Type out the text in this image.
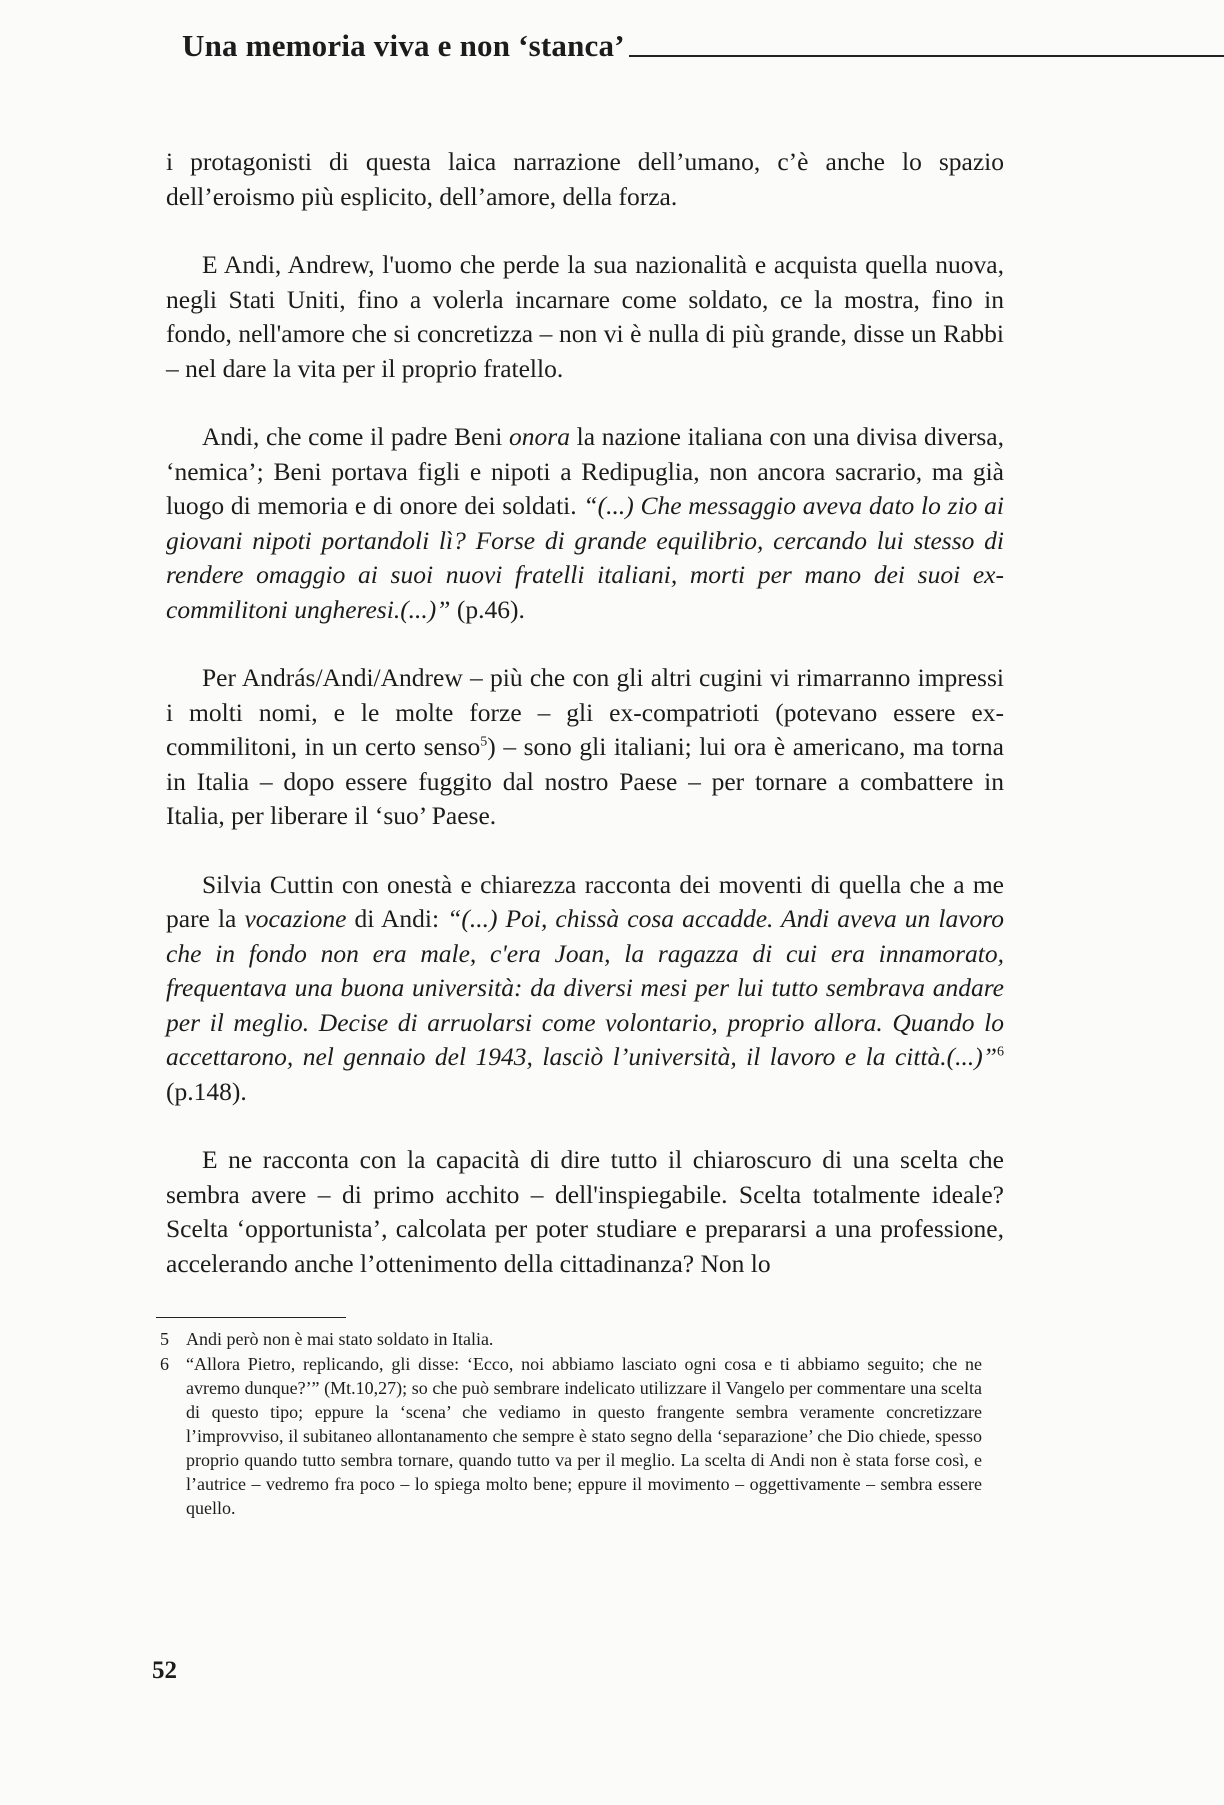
Una memoria viva e non ‘stanca’

i protagonisti di questa laica narrazione dell’umano, c’è anche lo spazio dell’eroismo più esplicito, dell’amore, della forza.

E Andi, Andrew, l'uomo che perde la sua nazionalità e acquista quella nuova, negli Stati Uniti, fino a volerla incarnare come soldato, ce la mostra, fino in fondo, nell'amore che si concretizza – non vi è nulla di più grande, disse un Rabbi – nel dare la vita per il proprio fratello.

Andi, che come il padre Beni onora la nazione italiana con una divisa diversa, ‘nemica’; Beni portava figli e nipoti a Redipuglia, non ancora sacrario, ma già luogo di memoria e di onore dei soldati. “(...) Che messaggio aveva dato lo zio ai giovani nipoti portandoli lì? Forse di grande equilibrio, cercando lui stesso di rendere omaggio ai suoi nuovi fratelli italiani, morti per mano dei suoi ex-commilitoni ungheresi.(...)” (p.46).

Per András/Andi/Andrew – più che con gli altri cugini vi rimarranno impressi i molti nomi, e le molte forze – gli ex-compatrioti (potevano essere ex-commilitoni, in un certo senso$^5$) – sono gli italiani; lui ora è americano, ma torna in Italia – dopo essere fuggito dal nostro Paese – per tornare a combattere in Italia, per liberare il ‘suo’ Paese.

Silvia Cuttin con onestà e chiarezza racconta dei moventi di quella che a me pare la vocazione di Andi: “(...) Poi, chissà cosa accadde. Andi aveva un lavoro che in fondo non era male, c'era Joan, la ragazza di cui era innamorato, frequentava una buona università: da diversi mesi per lui tutto sembrava andare per il meglio. Decise di arruolarsi come volontario, proprio allora. Quando lo accettarono, nel gennaio del 1943, lasciò l’università, il lavoro e la città.(...)”$^6$ (p.148).

E ne racconta con la capacità di dire tutto il chiaroscuro di una scelta che sembra avere – di primo acchito – dell'inspiegabile. Scelta totalmente ideale? Scelta ‘opportunista’, calcolata per poter studiare e prepararsi a una professione, accelerando anche l’ottenimento della cittadinanza? Non lo

5 Andi però non è mai stato soldato in Italia.
6 “Allora Pietro, replicando, gli disse: ‘Ecco, noi abbiamo lasciato ogni cosa e ti abbiamo seguito; che ne avremo dunque?’” (Mt.10,27); so che può sembrare indelicato utilizzare il Vangelo per commentare una scelta di questo tipo; eppure la ‘scena’ che vediamo in questo frangente sembra veramente concretizzare l’improvviso, il subitaneo allontanamento che sempre è stato segno della ‘separazione’ che Dio chiede, spesso proprio quando tutto sembra tornare, quando tutto va per il meglio. La scelta di Andi non è stata forse così, e l’autrice – vedremo fra poco – lo spiega molto bene; eppure il movimento – oggettivamente – sembra essere quello.
52
